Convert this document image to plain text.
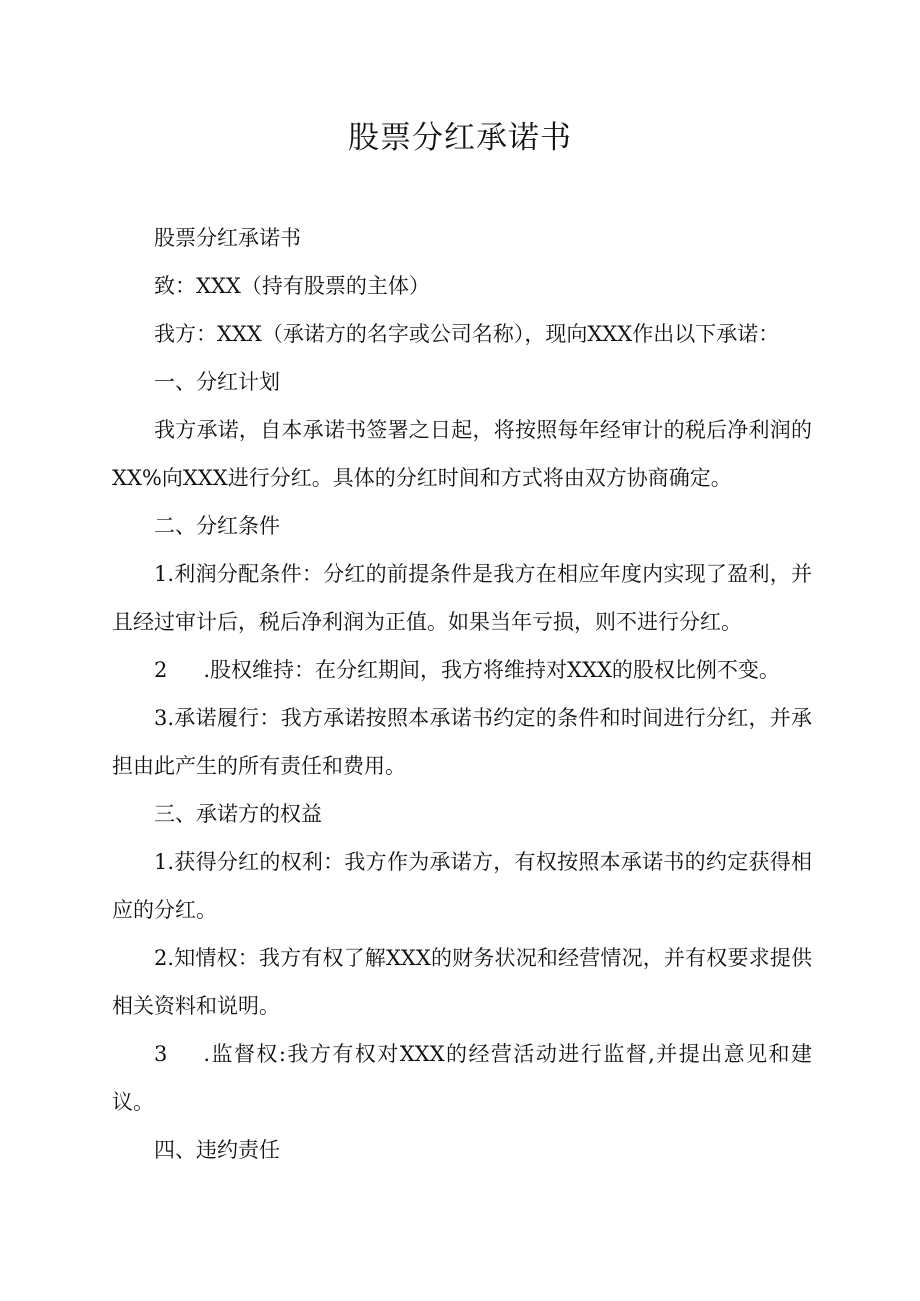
股票分红承诺书

股票分红承诺书

致：XXX（持有股票的主体）

我方：XXX（承诺方的名字或公司名称），现向XXX作出以下承诺：

一、分红计划

我方承诺，自本承诺书签署之日起，将按照每年经审计的税后净利润的XX%向XXX进行分红。具体的分红时间和方式将由双方协商确定。

二、分红条件

1.利润分配条件：分红的前提条件是我方在相应年度内实现了盈利，并且经过审计后，税后净利润为正值。如果当年亏损，则不进行分红。

2 .股权维持：在分红期间，我方将维持对XXX的股权比例不变。

3.承诺履行：我方承诺按照本承诺书约定的条件和时间进行分红，并承担由此产生的所有责任和费用。

三、承诺方的权益

1.获得分红的权利：我方作为承诺方，有权按照本承诺书的约定获得相应的分红。

2.知情权：我方有权了解XXX的财务状况和经营情况，并有权要求提供相关资料和说明。

3 .监督权:我方有权对XXX的经营活动进行监督,并提出意见和建议。

四、违约责任
